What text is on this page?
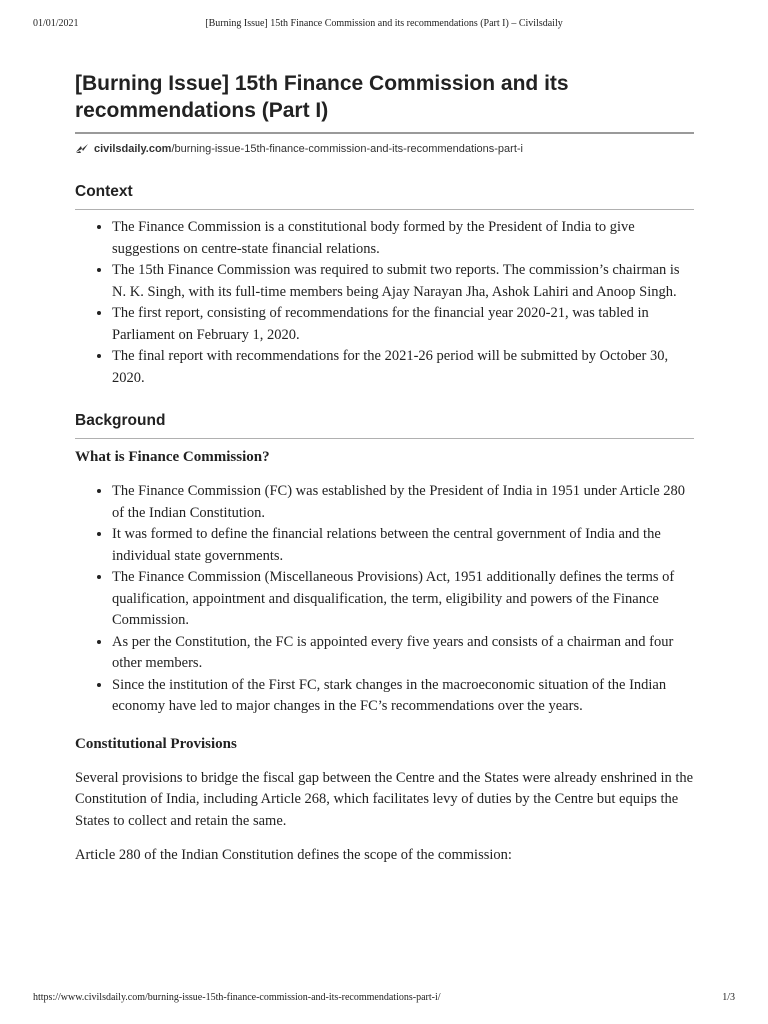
01/01/2021	[Burning Issue] 15th Finance Commission and its recommendations (Part I) – Civilsdaily
[Burning Issue] 15th Finance Commission and its recommendations (Part I)
civilsdaily.com /burning-issue-15th-finance-commission-and-its-recommendations-part-i
Context
• The Finance Commission is a constitutional body formed by the President of India to give suggestions on centre-state financial relations.
• The 15th Finance Commission was required to submit two reports. The commission’s chairman is N. K. Singh, with its full-time members being Ajay Narayan Jha, Ashok Lahiri and Anoop Singh.
• The first report, consisting of recommendations for the financial year 2020-21, was tabled in Parliament on February 1, 2020.
• The final report with recommendations for the 2021-26 period will be submitted by October 30, 2020.
Background
What is Finance Commission?
• The Finance Commission (FC) was established by the President of India in 1951 under Article 280 of the Indian Constitution.
• It was formed to define the financial relations between the central government of India and the individual state governments.
• The Finance Commission (Miscellaneous Provisions) Act, 1951 additionally defines the terms of qualification, appointment and disqualification, the term, eligibility and powers of the Finance Commission.
• As per the Constitution, the FC is appointed every five years and consists of a chairman and four other members.
• Since the institution of the First FC, stark changes in the macroeconomic situation of the Indian economy have led to major changes in the FC’s recommendations over the years.
Constitutional Provisions

Several provisions to bridge the fiscal gap between the Centre and the States were already enshrined in the Constitution of India, including Article 268, which facilitates levy of duties by the Centre but equips the States to collect and retain the same.

Article 280 of the Indian Constitution defines the scope of the commission:

https://www.civilsdaily.com/burning-issue-15th-finance-commission-and-its-recommendations-part-i/	1/3
